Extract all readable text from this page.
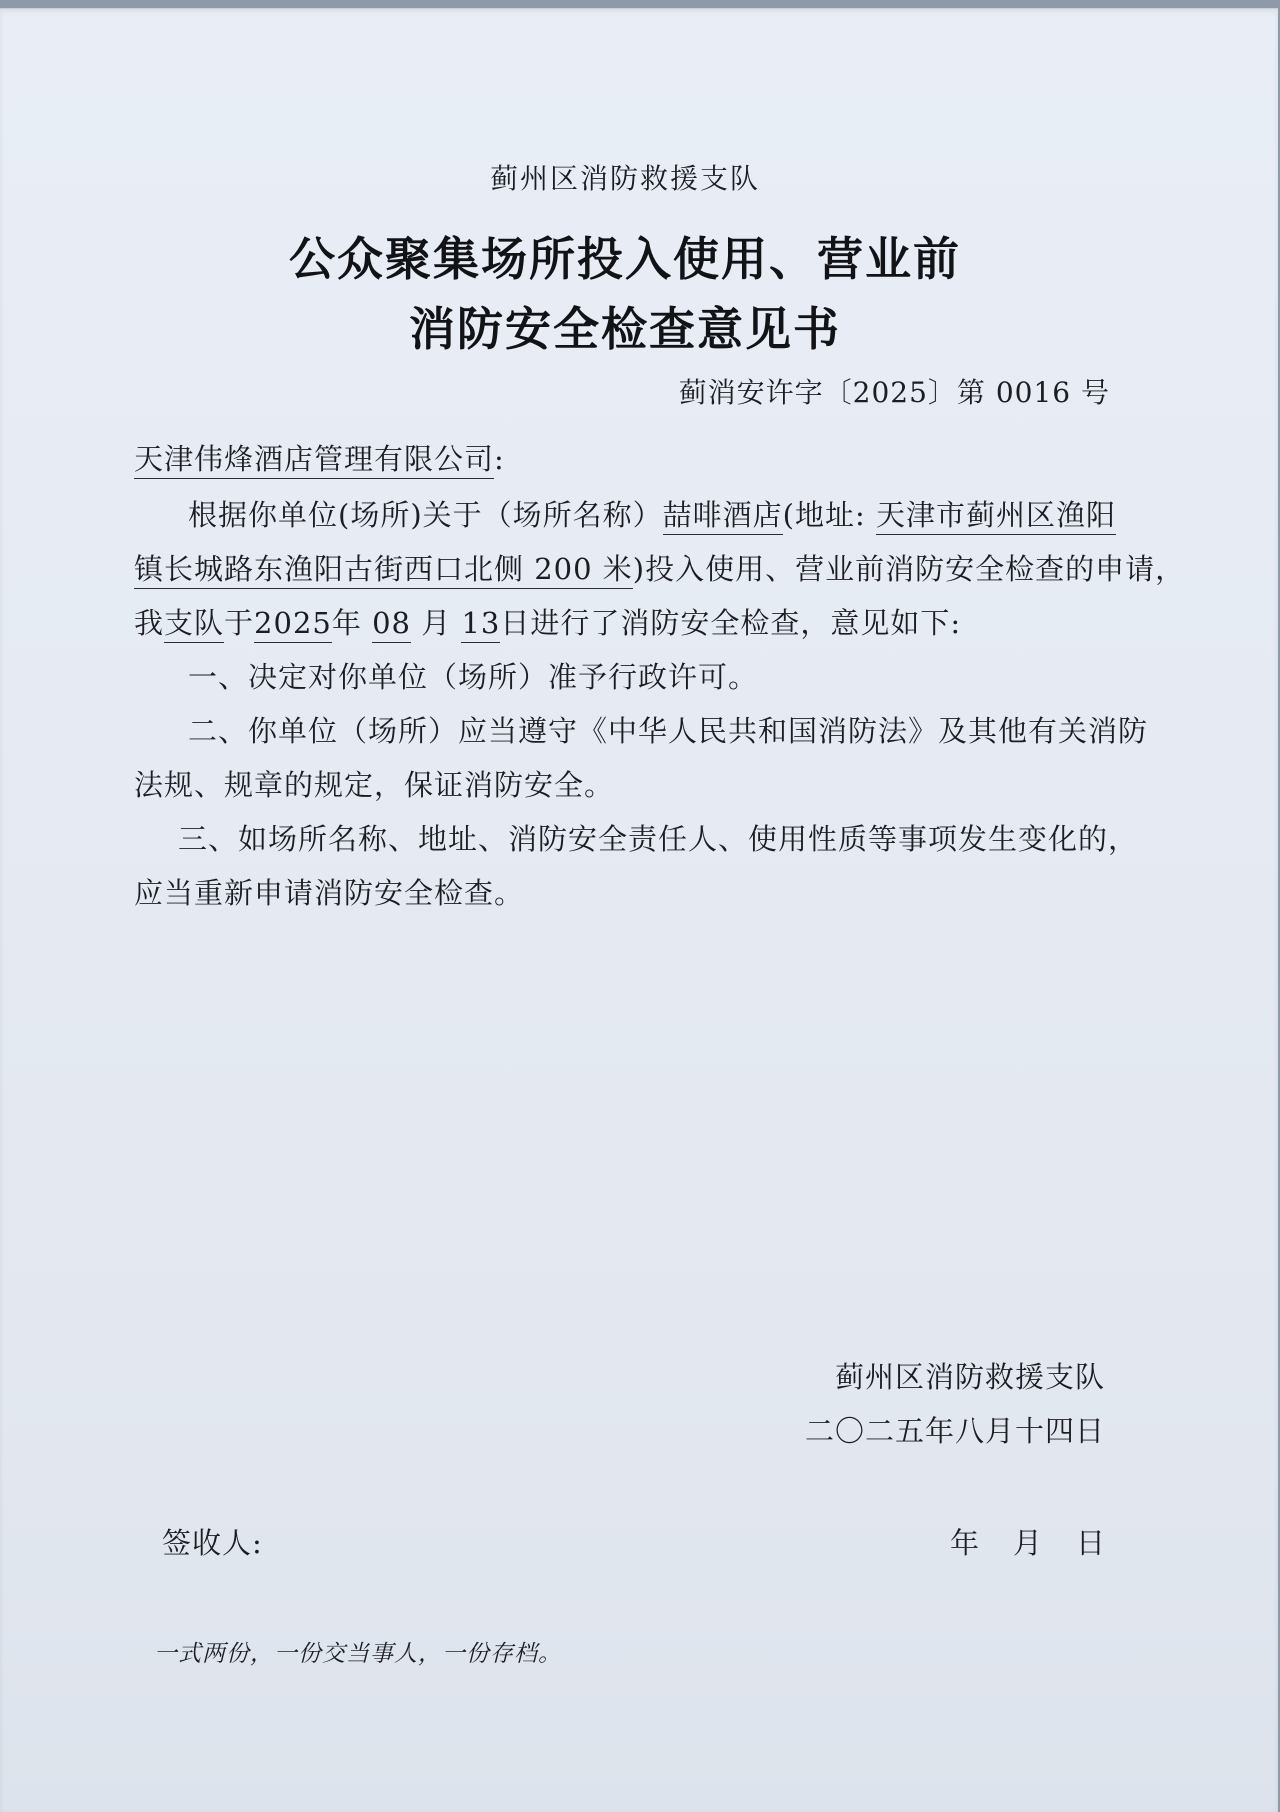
蓟州区消防救援支队
公众聚集场所投入使用、营业前
消防安全检查意见书
蓟消安许字〔2025〕第 0016 号
天津伟烽酒店管理有限公司:
根据你单位(场所)关于（场所名称）喆啡酒店(地址: 天津市蓟州区渔阳
镇长城路东渔阳古街西口北侧 200 米)投入使用、营业前消防安全检查的申请，
我支队于2025年 08 月 13日进行了消防安全检查，意见如下:
一、决定对你单位（场所）准予行政许可。
二、你单位（场所）应当遵守《中华人民共和国消防法》及其他有关消防
法规、规章的规定，保证消防安全。
三、如场所名称、地址、消防安全责任人、使用性质等事项发生变化的，
应当重新申请消防安全检查。
蓟州区消防救援支队
二〇二五年八月十四日
签收人:	年 月 日
一式两份，一份交当事人，一份存档。
